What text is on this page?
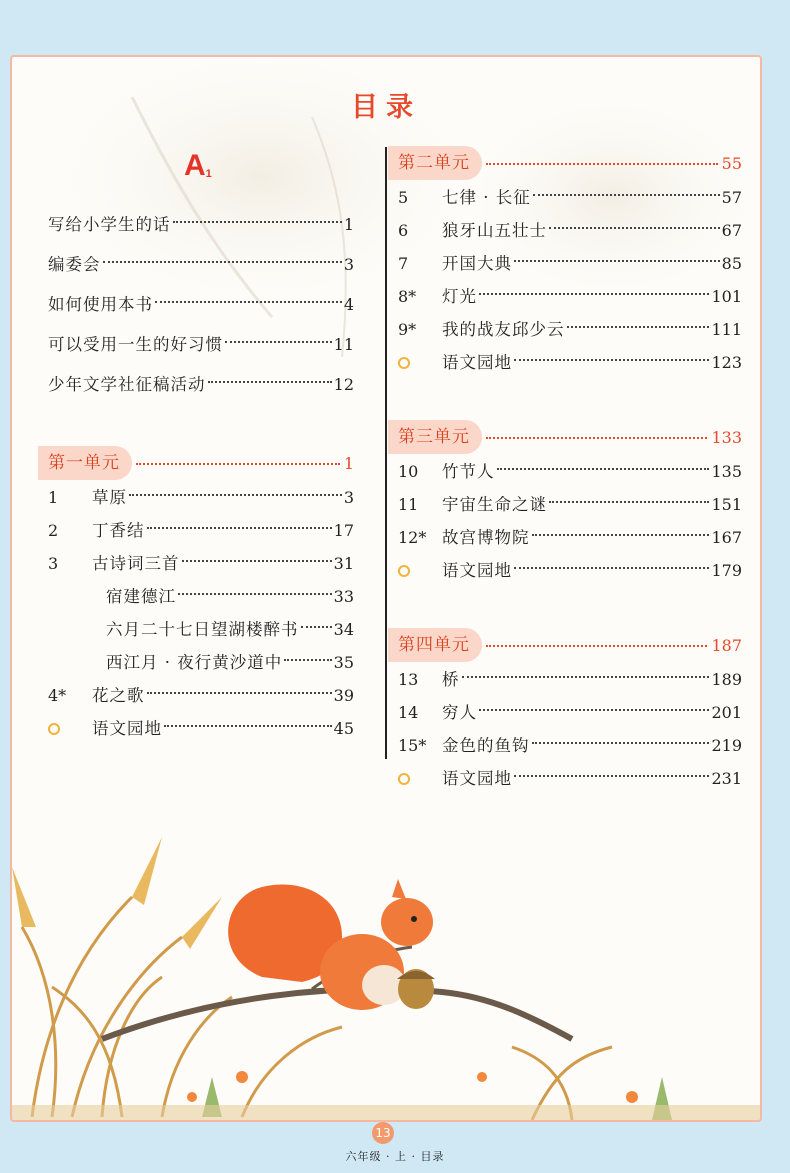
目录
$A_1$
写给小学生的话	1
编委会	3
如何使用本书	4
可以受用一生的好习惯	11
少年文学社征稿活动	12
第一单元	1
1	草原	3
2	丁香结	17
3	古诗词三首	31
宿建德江	33
六月二十七日望湖楼醉书 34
西江月 · 夜行黄沙道中	35
4*	花之歌	39
语文园地	45
第二单元	55
5	七律 · 长征	57
6	狼牙山五壮士	67
7	开国大典	85
8*	灯光	101
9*	我的战友邱少云	111
语文园地	123
第三单元	133
10	竹节人	135
11	宇宙生命之谜	151
12* 故宫博物院	167
语文园地	179
第四单元	187
13	桥	189
14	穷人	201
15* 金色的鱼钩	219
语文园地	231
13
六年级 · 上 · 目录
